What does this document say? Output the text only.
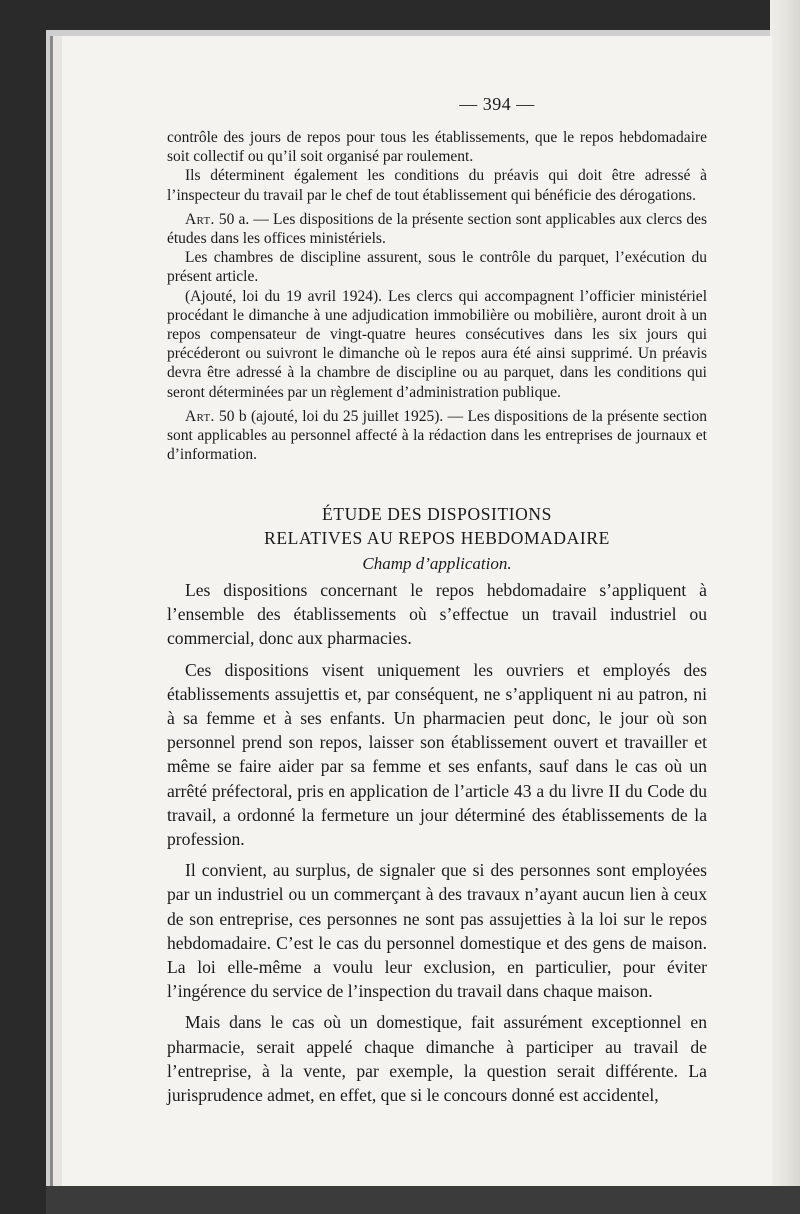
— 394 —

contrôle des jours de repos pour tous les établissements, que le repos hebdomadaire soit collectif ou qu’il soit organisé par roulement.

Ils déterminent également les conditions du préavis qui doit être adressé à l’inspecteur du travail par le chef de tout établissement qui bénéficie des dérogations.

Art. 50 a. — Les dispositions de la présente section sont applicables aux clercs des études dans les offices ministériels.

Les chambres de discipline assurent, sous le contrôle du parquet, l’exécution du présent article.

(Ajouté, loi du 19 avril 1924). Les clercs qui accompagnent l’officier ministériel procédant le dimanche à une adjudication immobilière ou mobilière, auront droit à un repos compensateur de vingt-quatre heures consécutives dans les six jours qui précéderont ou suivront le dimanche où le repos aura été ainsi supprimé. Un préavis devra être adressé à la chambre de discipline ou au parquet, dans les conditions qui seront déterminées par un règlement d’administration publique.

Art. 50 b (ajouté, loi du 25 juillet 1925). — Les dispositions de la présente section sont applicables au personnel affecté à la rédaction dans les entreprises de journaux et d’information.

ÉTUDE DES DISPOSITIONS
RELATIVES AU REPOS HEBDOMADAIRE
Champ d’application.

Les dispositions concernant le repos hebdomadaire s’appliquent à l’ensemble des établissements où s’effectue un travail industriel ou commercial, donc aux pharmacies.

Ces dispositions visent uniquement les ouvriers et employés des établissements assujettis et, par conséquent, ne s’appliquent ni au patron, ni à sa femme et à ses enfants. Un pharmacien peut donc, le jour où son personnel prend son repos, laisser son établissement ouvert et travailler et même se faire aider par sa femme et ses enfants, sauf dans le cas où un arrêté préfectoral, pris en application de l’article 43 a du livre II du Code du travail, a ordonné la fermeture un jour déterminé des établissements de la profession.

Il convient, au surplus, de signaler que si des personnes sont employées par un industriel ou un commerçant à des travaux n’ayant aucun lien à ceux de son entreprise, ces personnes ne sont pas assujetties à la loi sur le repos hebdomadaire. C’est le cas du personnel domestique et des gens de maison. La loi elle-même a voulu leur exclusion, en particulier, pour éviter l’ingérence du service de l’inspection du travail dans chaque maison.

Mais dans le cas où un domestique, fait assurément exceptionnel en pharmacie, serait appelé chaque dimanche à participer au travail de l’entreprise, à la vente, par exemple, la question serait différente. La jurisprudence admet, en effet, que si le concours donné est accidentel,
